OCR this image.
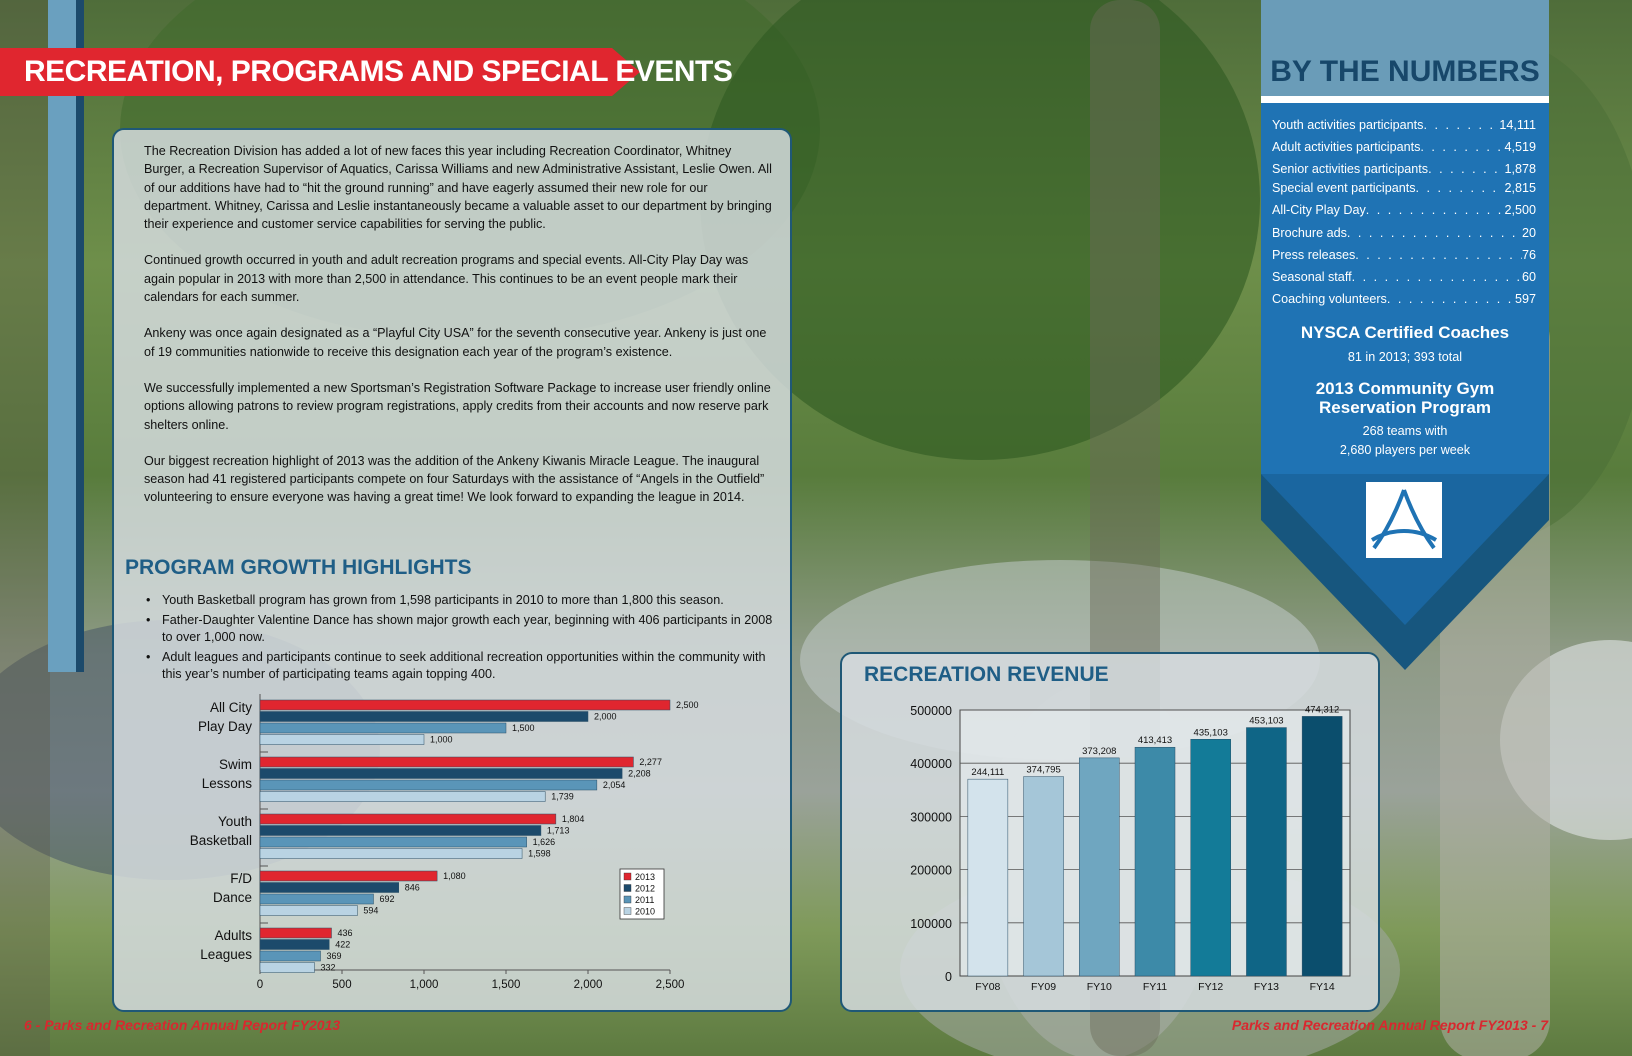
RECREATION, PROGRAMS AND SPECIAL EVENTS

The Recreation Division has added a lot of new faces this year including Recreation Coordinator, Whitney Burger, a Recreation Supervisor of Aquatics, Carissa Williams and new Administrative Assistant, Leslie Owen. All of our additions have had to “hit the ground running” and have eagerly assumed their new role for our department. Whitney, Carissa and Leslie instantaneously became a valuable asset to our department by bringing their experience and customer service capabilities for serving the public.

Continued growth occurred in youth and adult recreation programs and special events. All-City Play Day was again popular in 2013 with more than 2,500 in attendance. This continues to be an event people mark their calendars for each summer.

Ankeny was once again designated as a “Playful City USA” for the seventh consecutive year. Ankeny is just one of 19 communities nationwide to receive this designation each year of the program’s existence.

We successfully implemented a new Sportsman’s Registration Software Package to increase user friendly online options allowing patrons to review program registrations, apply credits from their accounts and now reserve park shelters online.

Our biggest recreation highlight of 2013 was the addition of the Ankeny Kiwanis Miracle League. The inaugural season had 41 registered participants compete on four Saturdays with the assistance of “Angels in the Outfield” volunteering to ensure everyone was having a great time! We look forward to expanding the league in 2014.

PROGRAM GROWTH HIGHLIGHTS
• Youth Basketball program has grown from 1,598 participants in 2010 to more than 1,800 this season.
• Father-Daughter Valentine Dance has shown major growth each year, beginning with 406 participants in 2008 to over 1,000 now.
• Adult leagues and participants continue to seek additional recreation opportunities within the community with this year’s number of participating teams again topping 400.
All City
Play Day
2,500
2,000
1,500
1,000
Swim
Lessons
2,277
2,208
2,054
1,739
Youth
Basketball
1,804
1,713
1,626
1,598
F/D
Dance
1,080
846
692
594
Adults
Leagues
436
422
369
332
0	500	1,000	1,500	2,000	2,500
2013
2012
2011
2010
RECREATION REVENUE
0
100000
200000
300000
400000
500000
244,111
FY08
374,795
FY09
373,208
FY10
413,413
FY11
435,103
FY12
453,103
FY13
474,312
FY14
BY THE NUMBERS
Youth activities participants . . .	14,111
Adult activities participants . . .	4,519
Senior activities participants . . .	1,878
Special event participants . . .	2,815
All-City Play Day . . .	2,500
Brochure ads . . .	20
Press releases . . .	76
Seasonal staff . . .	60
Coaching volunteers . . .	597
NYSCA Certified Coaches
81 in 2013; 393 total
2013 Community Gym
Reservation Program
268 teams with
2,680 players per week
6 - Parks and Recreation Annual Report FY2013	Parks and Recreation Annual Report FY2013 - 7
